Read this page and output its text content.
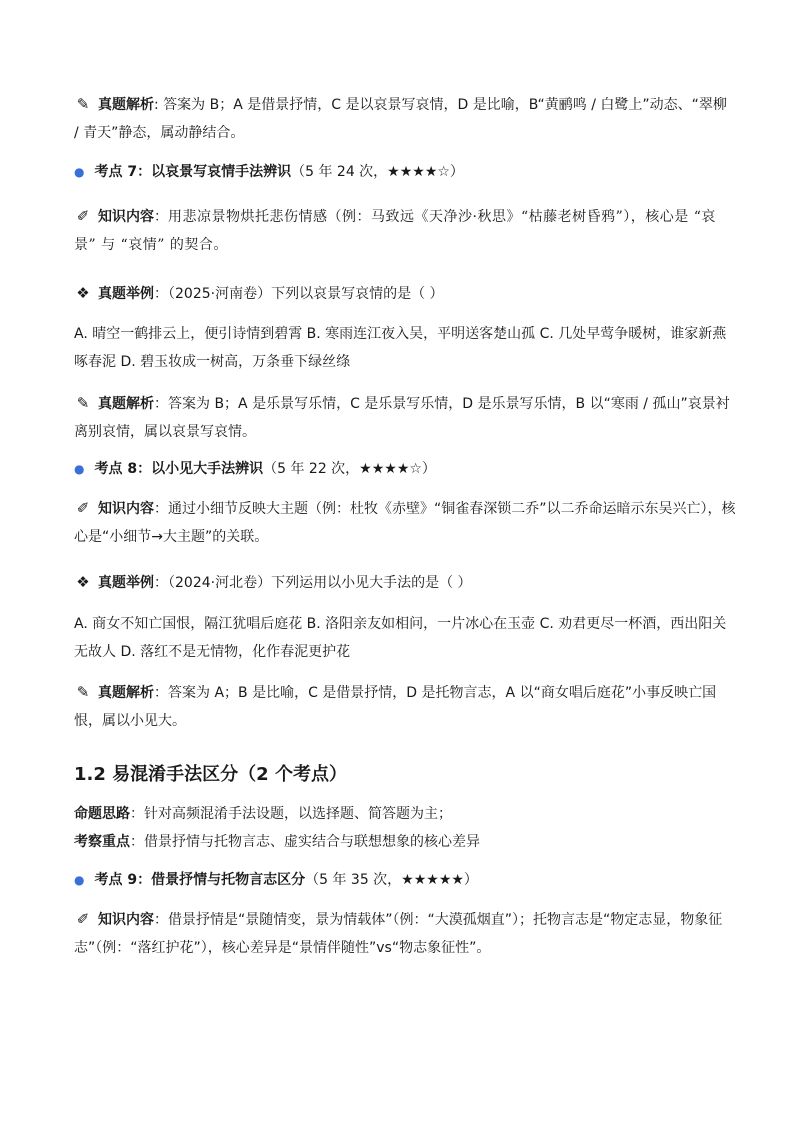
✎ 真题解析: 答案为 B；A 是借景抒情，C 是以哀景写哀情，D 是比喻，B“黄鹂鸣 / 白鹭上”动态、“翠柳 / 青天”静态，属动静结合。
● 考点 7：以哀景写哀情手法辨识（5 年 24 次，★★★★☆）
✐ 知识内容：用悲凉景物烘托悲伤情感（例：马致远《天净沙·秋思》“枯藤老树昏鸦”），核心是 “哀景” 与 “哀情” 的契合。
❖ 真题举例：（2025·河南卷）下列以哀景写哀情的是（ ）
A. 晴空一鹤排云上，便引诗情到碧霄 B. 寒雨连江夜入吴，平明送客楚山孤 C. 几处早莺争暖树，谁家新燕啄春泥 D. 碧玉妆成一树高，万条垂下绿丝绦
✎ 真题解析：答案为 B；A 是乐景写乐情，C 是乐景写乐情，D 是乐景写乐情，B 以“寒雨 / 孤山”哀景衬离别哀情，属以哀景写哀情。
● 考点 8：以小见大手法辨识（5 年 22 次，★★★★☆）
✐ 知识内容：通过小细节反映大主题（例：杜牧《赤壁》“铜雀春深锁二乔”以二乔命运暗示东吴兴亡），核心是“小细节→大主题”的关联。
❖ 真题举例：（2024·河北卷）下列运用以小见大手法的是（ ）
A. 商女不知亡国恨，隔江犹唱后庭花 B. 洛阳亲友如相问，一片冰心在玉壶 C. 劝君更尽一杯酒，西出阳关无故人 D. 落红不是无情物，化作春泥更护花
✎ 真题解析：答案为 A；B 是比喻，C 是借景抒情，D 是托物言志，A 以“商女唱后庭花”小事反映亡国恨，属以小见大。
1.2 易混淆手法区分（2 个考点）
命题思路：针对高频混淆手法设题，以选择题、简答题为主；
考察重点：借景抒情与托物言志、虚实结合与联想想象的核心差异
● 考点 9：借景抒情与托物言志区分（5 年 35 次，★★★★★）
✐ 知识内容：借景抒情是“景随情变，景为情载体”（例：“大漠孤烟直”）；托物言志是“物定志显，物象征志”（例：“落红护花”），核心差异是“景情伴随性”vs“物志象征性”。
